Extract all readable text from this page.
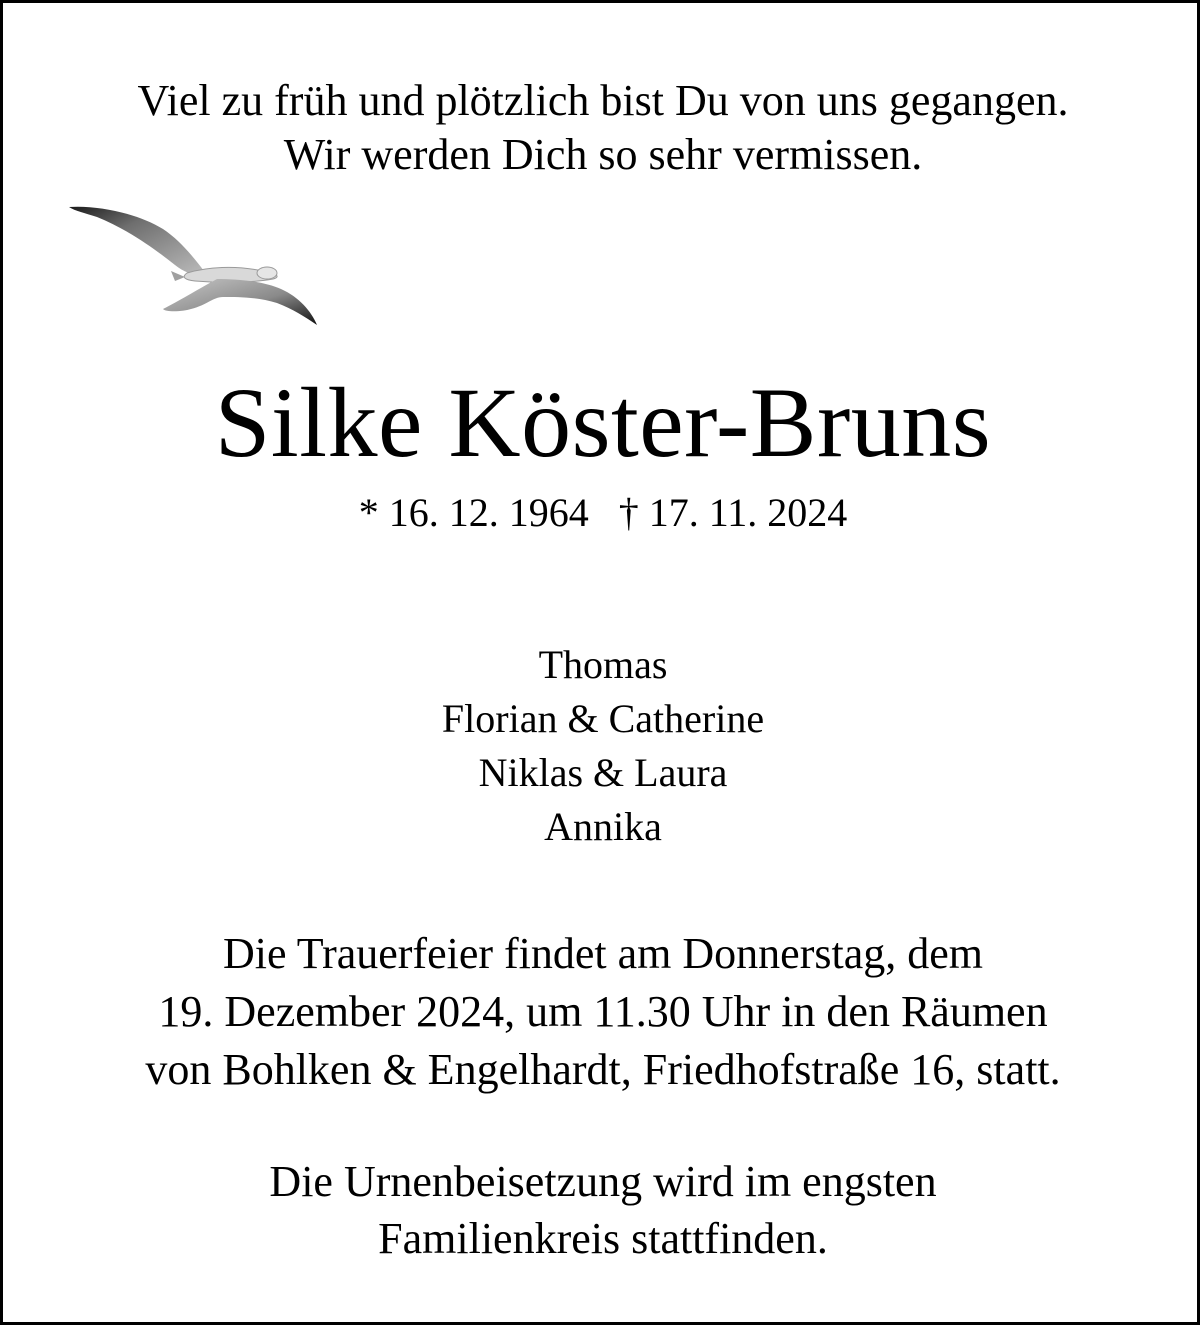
Viel zu früh und plötzlich bist Du von uns gegangen.
Wir werden Dich so sehr vermissen.
Silke Köster-Bruns
* 16. 12. 1964 † 17. 11. 2024
Thomas
Florian & Catherine
Niklas & Laura
Annika
Die Trauerfeier findet am Donnerstag, dem
19. Dezember 2024, um 11.30 Uhr in den Räumen
von Bohlken & Engelhardt, Friedhofstraße 16, statt.
Die Urnenbeisetzung wird im engsten
Familienkreis stattfinden.
